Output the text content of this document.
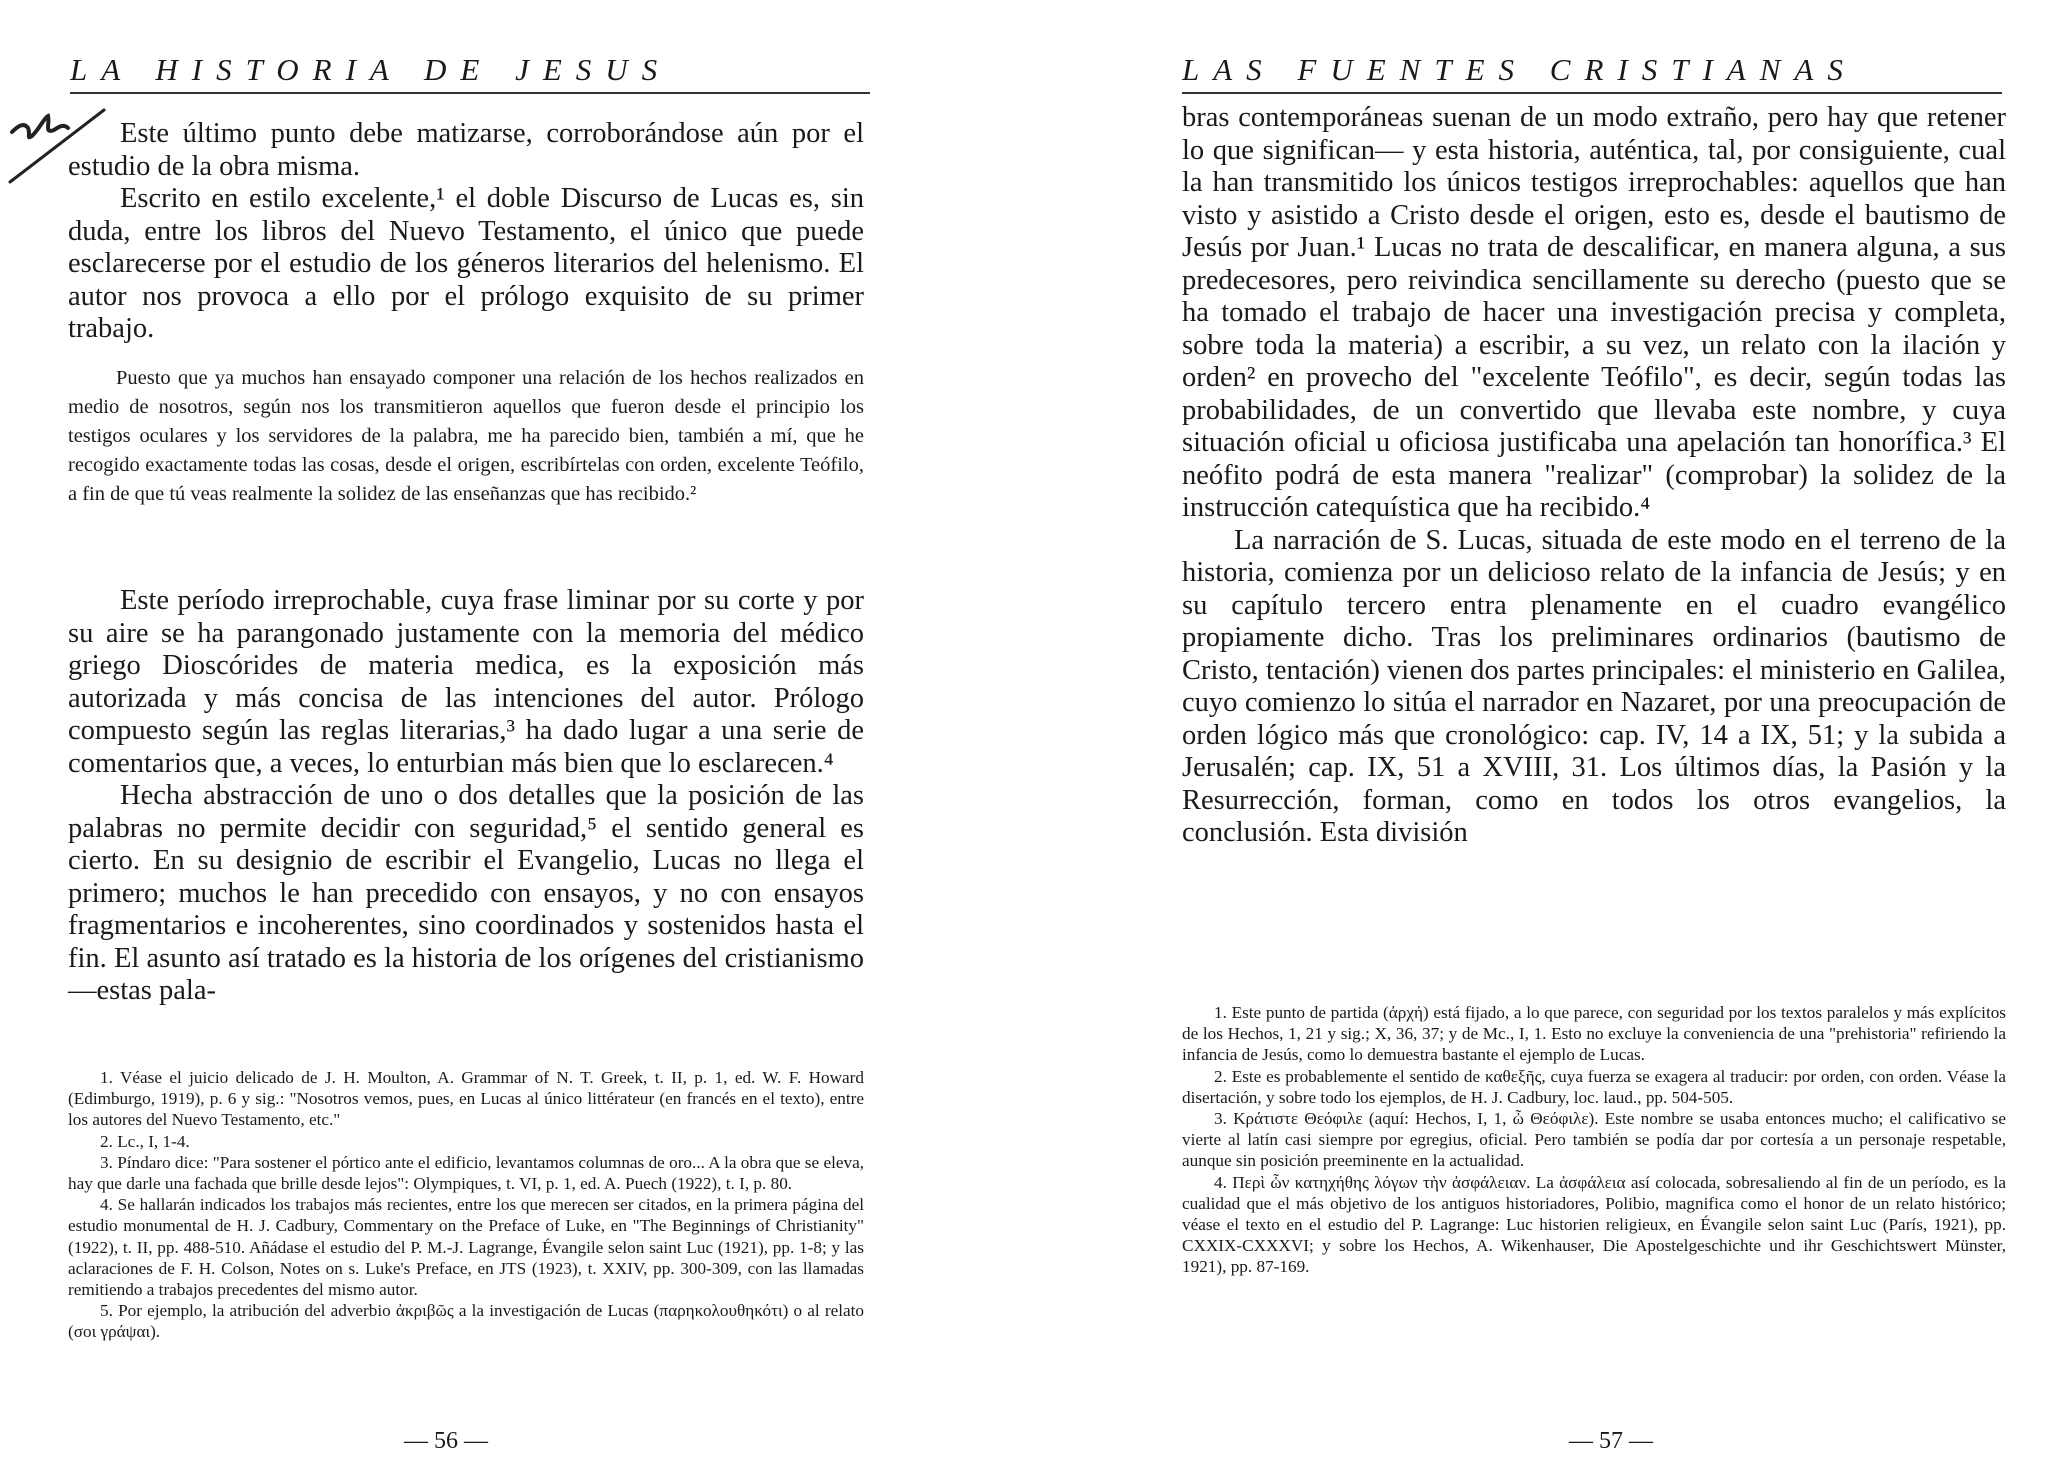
LA HISTORIA DE JESUS

Este último punto debe matizarse, corroborándose aún por el estudio de la obra misma.

Escrito en estilo excelente,¹ el doble Discurso de Lucas es, sin duda, entre los libros del Nuevo Testamento, el único que puede esclarecerse por el estudio de los géneros literarios del helenismo. El autor nos provoca a ello por el prólogo exquisito de su primer trabajo.

Puesto que ya muchos han ensayado componer una relación de los hechos realizados en medio de nosotros, según nos los transmitieron aquellos que fueron desde el principio los testigos oculares y los servidores de la palabra, me ha parecido bien, también a mí, que he recogido exactamente todas las cosas, desde el origen, escribírtelas con orden, excelente Teófilo, a fin de que tú veas realmente la solidez de las enseñanzas que has recibido.²

Este período irreprochable, cuya frase liminar por su corte y por su aire se ha parangonado justamente con la memoria del médico griego Dioscórides de materia medica, es la exposición más autorizada y más concisa de las intenciones del autor. Prólogo compuesto según las reglas literarias,³ ha dado lugar a una serie de comentarios que, a veces, lo enturbian más bien que lo esclarecen.⁴

Hecha abstracción de uno o dos detalles que la posición de las palabras no permite decidir con seguridad,⁵ el sentido general es cierto. En su designio de escribir el Evangelio, Lucas no llega el primero; muchos le han precedido con ensayos, y no con ensayos fragmentarios e incoherentes, sino coordinados y sostenidos hasta el fin. El asunto así tratado es la historia de los orígenes del cristianismo —estas pala-

1. Véase el juicio delicado de J. H. Moulton, A. Grammar of N. T. Greek, t. II, p. 1, ed. W. F. Howard (Edimburgo, 1919), p. 6 y sig.: "Nosotros vemos, pues, en Lucas al único littérateur (en francés en el texto), entre los autores del Nuevo Testamento, etc."

2. Lc., I, 1-4.

3. Píndaro dice: "Para sostener el pórtico ante el edificio, levantamos columnas de oro... A la obra que se eleva, hay que darle una fachada que brille desde lejos": Olympiques, t. VI, p. 1, ed. A. Puech (1922), t. I, p. 80.

4. Se hallarán indicados los trabajos más recientes, entre los que merecen ser citados, en la primera página del estudio monumental de H. J. Cadbury, Commentary on the Preface of Luke, en "The Beginnings of Christianity" (1922), t. II, pp. 488-510. Añádase el estudio del P. M.-J. Lagrange, Évangile selon saint Luc (1921), pp. 1-8; y las aclaraciones de F. H. Colson, Notes on s. Luke's Preface, en JTS (1923), t. XXIV, pp. 300-309, con las llamadas remitiendo a trabajos precedentes del mismo autor.

5. Por ejemplo, la atribución del adverbio ἀκριβῶς a la investigación de Lucas (παρηκολουθηκότι) o al relato (σοι γράψαι).

— 56 —
LAS FUENTES CRISTIANAS

bras contemporáneas suenan de un modo extraño, pero hay que retener lo que significan— y esta historia, auténtica, tal, por consiguiente, cual la han transmitido los únicos testigos irreprochables: aquellos que han visto y asistido a Cristo desde el origen, esto es, desde el bautismo de Jesús por Juan.¹ Lucas no trata de descalificar, en manera alguna, a sus predecesores, pero reivindica sencillamente su derecho (puesto que se ha tomado el trabajo de hacer una investigación precisa y completa, sobre toda la materia) a escribir, a su vez, un relato con la ilación y orden² en provecho del "excelente Teófilo", es decir, según todas las probabilidades, de un convertido que llevaba este nombre, y cuya situación oficial u oficiosa justificaba una apelación tan honorífica.³ El neófito podrá de esta manera "realizar" (comprobar) la solidez de la instrucción catequística que ha recibido.⁴

La narración de S. Lucas, situada de este modo en el terreno de la historia, comienza por un delicioso relato de la infancia de Jesús; y en su capítulo tercero entra plenamente en el cuadro evangélico propiamente dicho. Tras los preliminares ordinarios (bautismo de Cristo, tentación) vienen dos partes principales: el ministerio en Galilea, cuyo comienzo lo sitúa el narrador en Nazaret, por una preocupación de orden lógico más que cronológico: cap. IV, 14 a IX, 51; y la subida a Jerusalén; cap. IX, 51 a XVIII, 31. Los últimos días, la Pasión y la Resurrección, forman, como en todos los otros evangelios, la conclusión. Esta división

1. Este punto de partida (ἀρχή) está fijado, a lo que parece, con seguridad por los textos paralelos y más explícitos de los Hechos, 1, 21 y sig.; X, 36, 37; y de Mc., I, 1. Esto no excluye la conveniencia de una "prehistoria" refiriendo la infancia de Jesús, como lo demuestra bastante el ejemplo de Lucas.

2. Este es probablemente el sentido de καθεξῆς, cuya fuerza se exagera al traducir: por orden, con orden. Véase la disertación, y sobre todo los ejemplos, de H. J. Cadbury, loc. laud., pp. 504-505.

3. Κράτιστε Θεόφιλε (aquí: Hechos, I, 1, ὦ Θεόφιλε). Este nombre se usaba entonces mucho; el calificativo se vierte al latín casi siempre por egregius, oficial. Pero también se podía dar por cortesía a un personaje respetable, aunque sin posición preeminente en la actualidad.

4. Περὶ ὧν κατηχήθης λόγων τὴν ἀσφάλειαν. La ἀσφάλεια así colocada, sobresaliendo al fin de un período, es la cualidad que el más objetivo de los antiguos historiadores, Polibio, magnifica como el honor de un relato histórico; véase el texto en el estudio del P. Lagrange: Luc historien religieux, en Évangile selon saint Luc (París, 1921), pp. CXXIX-CXXXVI; y sobre los Hechos, A. Wikenhauser, Die Apostelgeschichte und ihr Geschichtswert Münster, 1921), pp. 87-169.

— 57 —
